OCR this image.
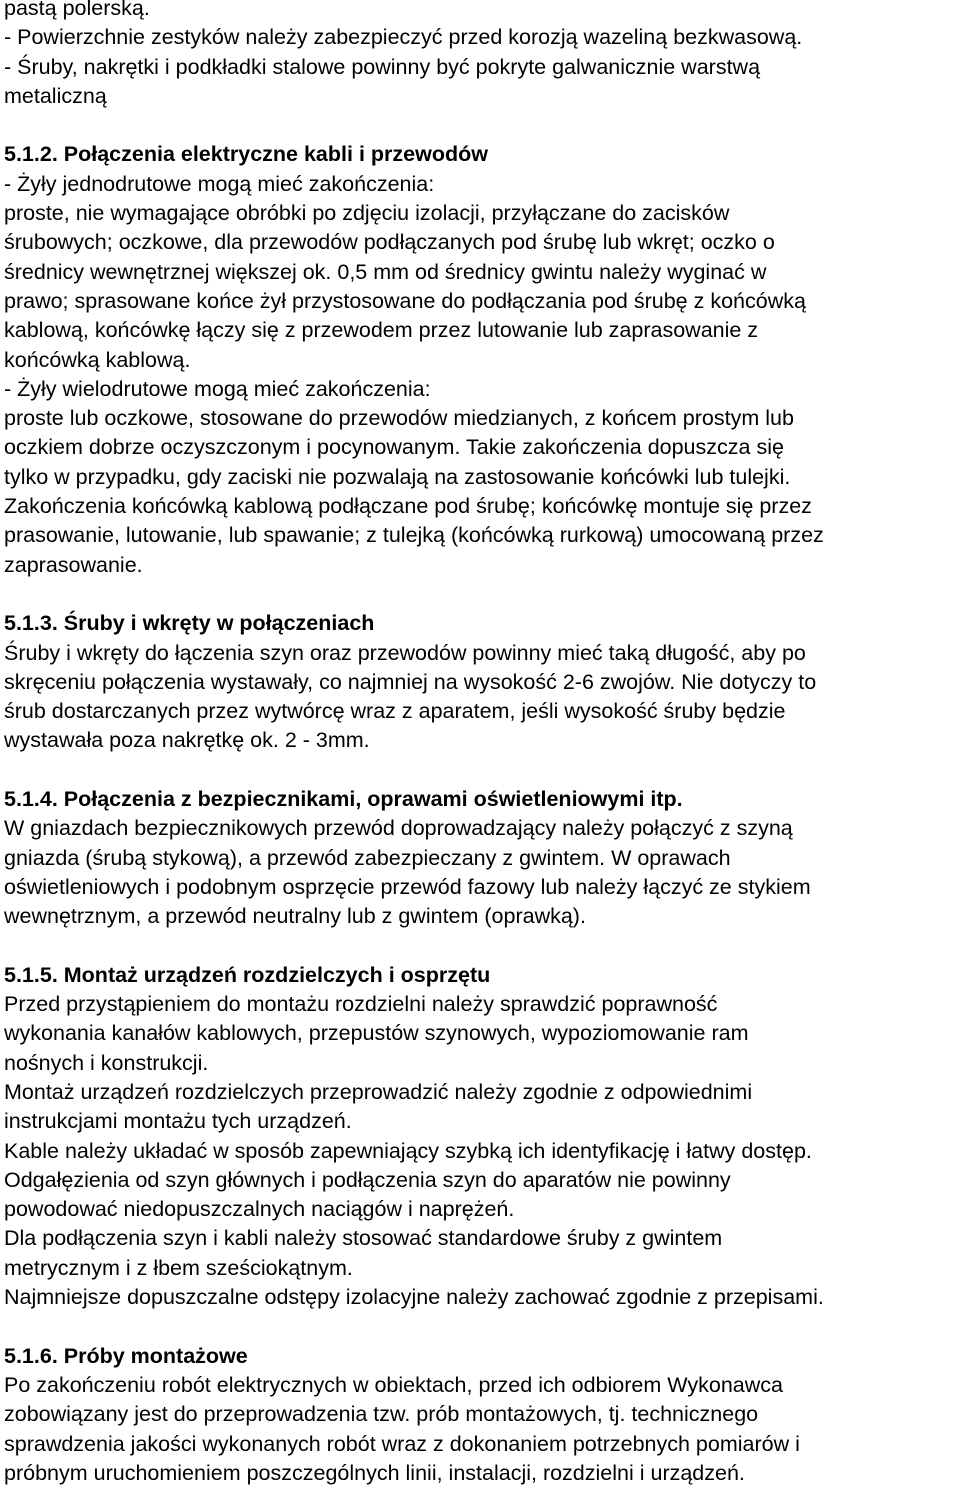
pastą polerską.
- Powierzchnie zestyków należy zabezpieczyć przed korozją wazeliną bezkwasową.
- Śruby, nakrętki i podkładki stalowe powinny być pokryte galwanicznie warstwą
metaliczną
5.1.2. Połączenia elektryczne kabli i przewodów
- Żyły jednodrutowe mogą mieć zakończenia:
proste, nie wymagające obróbki po zdjęciu izolacji, przyłączane do zacisków
śrubowych; oczkowe, dla przewodów podłączanych pod śrubę lub wkręt; oczko o
średnicy wewnętrznej większej ok. 0,5 mm od średnicy gwintu należy wyginać w
prawo; sprasowane końce żył przystosowane do podłączania pod śrubę z końcówką
kablową, końcówkę łączy się z przewodem przez lutowanie lub zaprasowanie z
końcówką kablową.
- Żyły wielodrutowe mogą mieć zakończenia:
proste lub oczkowe, stosowane do przewodów miedzianych, z końcem prostym lub
oczkiem dobrze oczyszczonym i pocynowanym. Takie zakończenia dopuszcza się
tylko w przypadku, gdy zaciski nie pozwalają na zastosowanie końcówki lub tulejki.
Zakończenia końcówką kablową podłączane pod śrubę; końcówkę montuje się przez
prasowanie, lutowanie, lub spawanie; z tulejką (końcówką rurkową) umocowaną przez
zaprasowanie.
5.1.3. Śruby i wkręty w połączeniach
Śruby i wkręty do łączenia szyn oraz przewodów powinny mieć taką długość, aby po
skręceniu połączenia wystawały, co najmniej na wysokość 2-6 zwojów. Nie dotyczy to
śrub dostarczanych przez wytwórcę wraz z aparatem, jeśli wysokość śruby będzie
wystawała poza nakrętkę ok. 2 - 3mm.
5.1.4. Połączenia z bezpiecznikami, oprawami oświetleniowymi itp.
W gniazdach bezpiecznikowych przewód doprowadzający należy połączyć z szyną
gniazda (śrubą stykową), a przewód zabezpieczany z gwintem. W oprawach
oświetleniowych i podobnym osprzęcie przewód fazowy lub należy łączyć ze stykiem
wewnętrznym, a przewód neutralny lub z gwintem (oprawką).
5.1.5. Montaż urządzeń rozdzielczych i osprzętu
Przed przystąpieniem do montażu rozdzielni należy sprawdzić poprawność
wykonania kanałów kablowych, przepustów szynowych, wypoziomowanie ram
nośnych i konstrukcji.
Montaż urządzeń rozdzielczych przeprowadzić należy zgodnie z odpowiednimi
instrukcjami montażu tych urządzeń.
Kable należy układać w sposób zapewniający szybką ich identyfikację i łatwy dostęp.
Odgałęzienia od szyn głównych i podłączenia szyn do aparatów nie powinny
powodować niedopuszczalnych naciągów i naprężeń.
Dla podłączenia szyn i kabli należy stosować standardowe śruby z gwintem
metrycznym i z łbem sześciokątnym.
Najmniejsze dopuszczalne odstępy izolacyjne należy zachować zgodnie z przepisami.
5.1.6. Próby montażowe
Po zakończeniu robót elektrycznych w obiektach, przed ich odbiorem Wykonawca
zobowiązany jest do przeprowadzenia tzw. prób montażowych, tj. technicznego
sprawdzenia jakości wykonanych robót wraz z dokonaniem potrzebnych pomiarów i
próbnym uruchomieniem poszczególnych linii, instalacji, rozdzielni i urządzeń.
